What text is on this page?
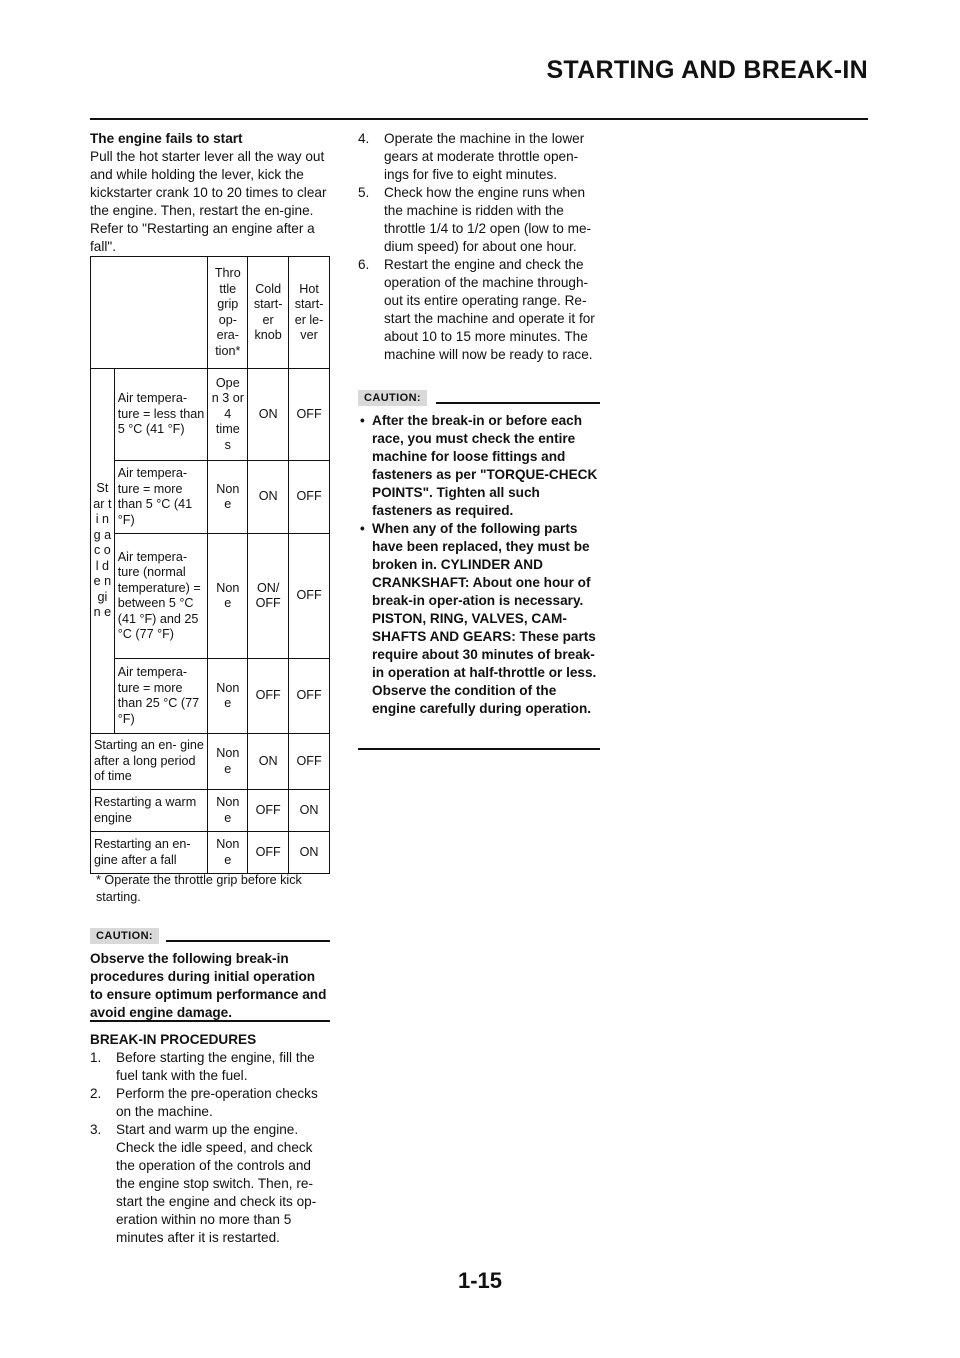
STARTING AND BREAK-IN
The engine fails to start
Pull the hot starter lever all the way out and while holding the lever, kick the kickstarter crank 10 to 20 times to clear the engine. Then, restart the en-gine. Refer to "Restarting an engine after a fall".
		Thro ttle grip op- era- tion*	Cold start- er knob	Hot start- er le- ver
St ar ti n g a c ol d e n gi n e	Air tempera- ture = less than 5 °C (41 °F)	Ope n 3 or 4 time s	ON	OFF
	Air tempera- ture = more than 5 °C (41 °F)	Non e	ON	OFF
	Air tempera- ture (normal temperature) = between 5 °C (41 °F) and 25 °C (77 °F)	Non e	ON/ OFF	OFF
	Air tempera- ture = more than 25 °C (77 °F)	Non e	OFF	OFF
Starting an en- gine after a long period of time		Non e	ON	OFF
Restarting a warm engine		Non e	OFF	ON
Restarting an en- gine after a fall		Non e	OFF	ON
* Operate the throttle grip before kick starting.
CAUTION:
Observe the following break-in procedures during initial operation to ensure optimum performance and avoid engine damage.
BREAK-IN PROCEDURES
1. Before starting the engine, fill the fuel tank with the fuel.
2. Perform the pre-operation checks on the machine.
3. Start and warm up the engine. Check the idle speed, and check the operation of the controls and the engine stop switch. Then, re-start the engine and check its op-eration within no more than 5 minutes after it is restarted.
4. Operate the machine in the lower gears at moderate throttle open-ings for five to eight minutes.
5. Check how the engine runs when the machine is ridden with the throttle 1/4 to 1/2 open (low to me-dium speed) for about one hour.
6. Restart the engine and check the operation of the machine through-out its entire operating range. Re-start the machine and operate it for about 10 to 15 more minutes. The machine will now be ready to race.
CAUTION:
• After the break-in or before each race, you must check the entire machine for loose fittings and fasteners as per "TORQUE-CHECK POINTS". Tighten all such fasteners as required.
• When any of the following parts have been replaced, they must be broken in. CYLINDER AND CRANKSHAFT: About one hour of break-in oper-ation is necessary. PISTON, RING, VALVES, CAM-SHAFTS AND GEARS: These parts require about 30 minutes of break-in operation at half-throttle or less. Observe the condition of the engine carefully during operation.
1-15
